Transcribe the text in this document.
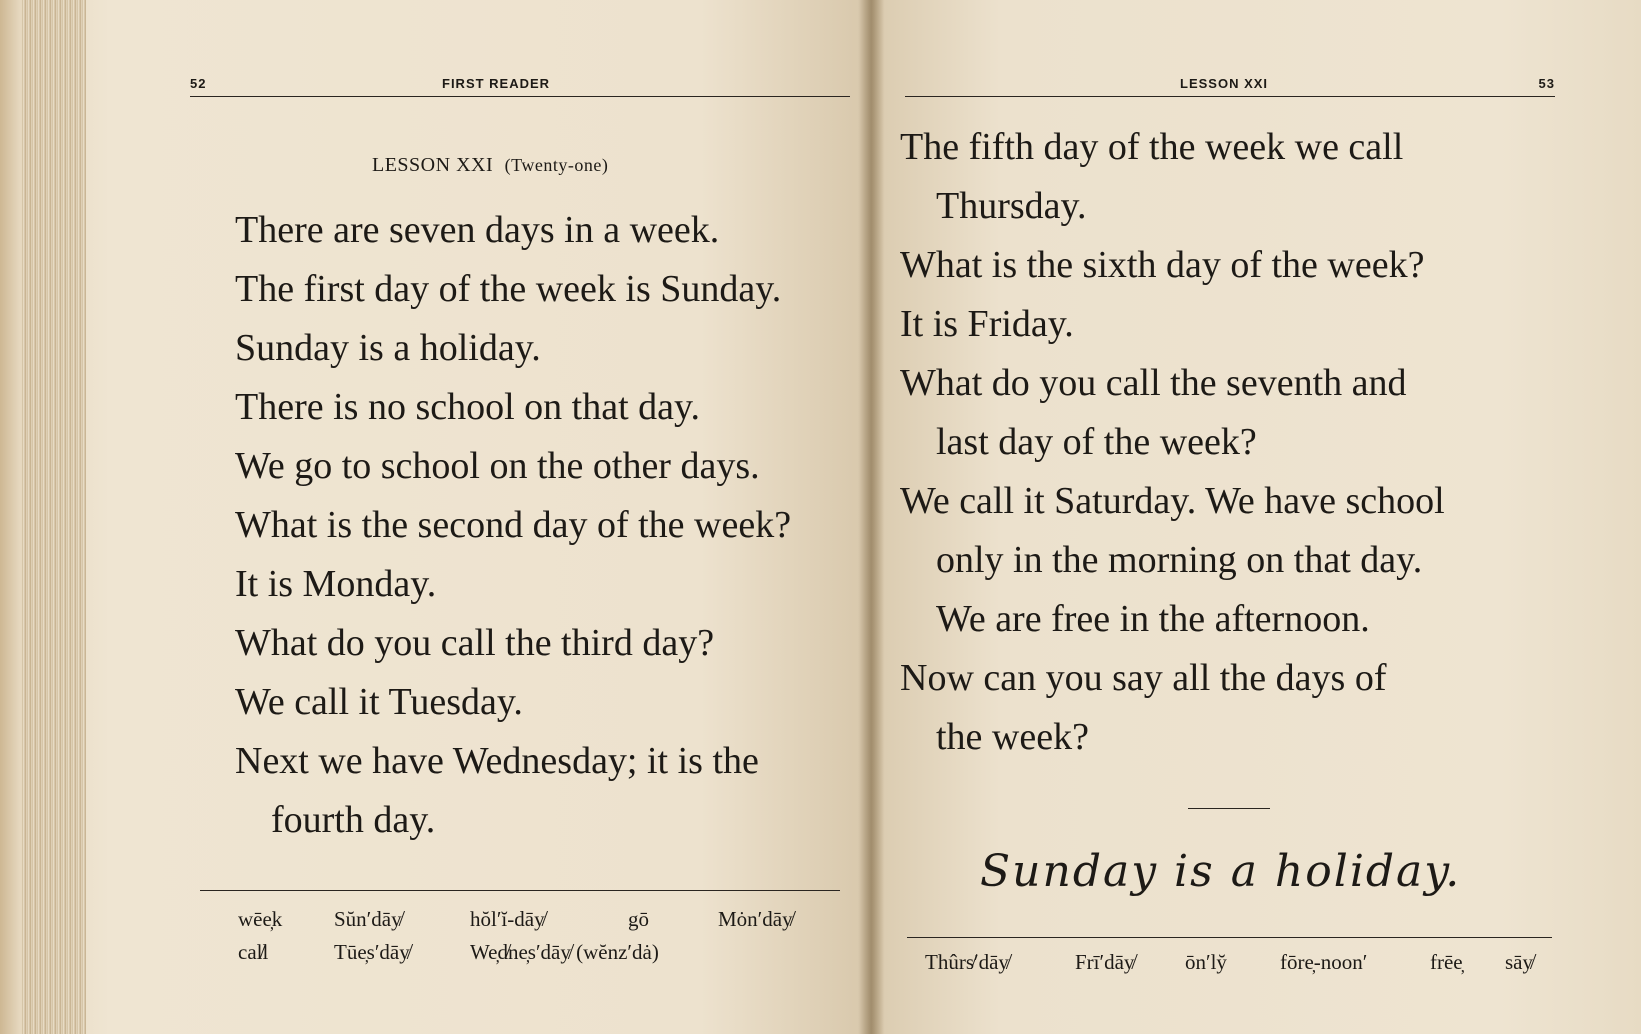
52	FIRST READER
LESSON XXI (Twenty-one)
There are seven days in a week.
The first day of the week is Sunday.
Sunday is a holiday.
There is no school on that day.
We go to school on the other days.
What is the second day of the week?
It is Monday.
What do you call the third day?
We call it Tuesday.
Next we have Wednesday; it is the
fourth day.
wēe̦k Sŭn′dāy̸	hŏl′ĭ-dāy̸	gō	Mȯn′dāy̸
cal̸l	Tūe̦s′dāy̸	We̦d̸ne̦s′dāy̸ (wĕnz′dȧ)
LESSON XXI	53
The fifth day of the week we call
Thursday.
What is the sixth day of the week?
It is Friday.
What do you call the seventh and
last day of the week?
We call it Saturday. We have school
only in the morning on that day.
We are free in the afternoon.
Now can you say all the days of
the week?
Sunday is a holiday.
Thûrs̸′dāy̸	Frī′dāy̸ ōn′ly̆	fōre̦-noon′	frēe̦ sāy̸
